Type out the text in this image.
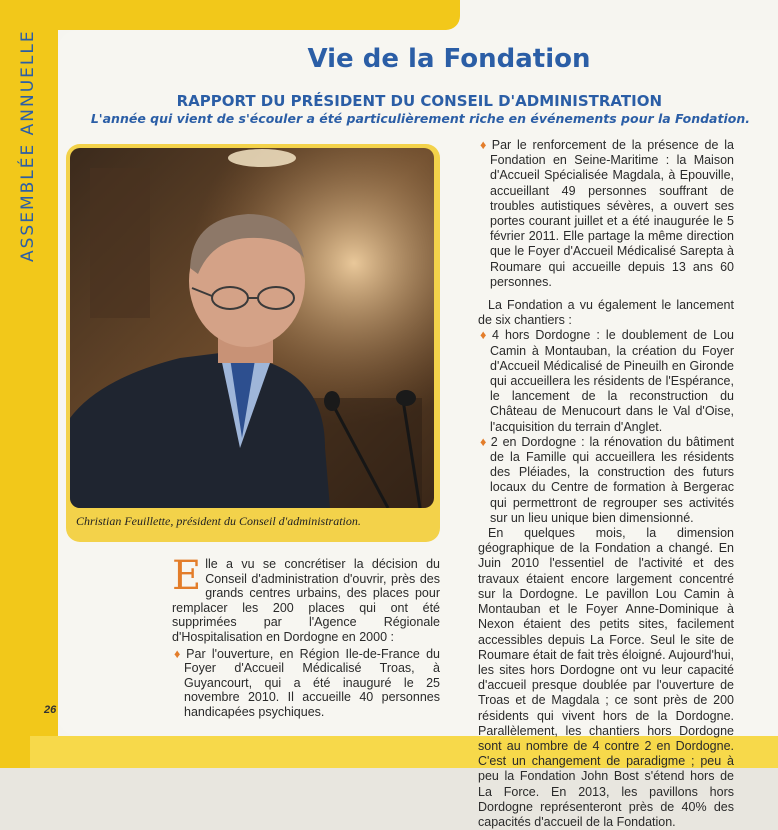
ASSEMBLÉE ANNUELLE	Vie de la Fondation
RAPPORT DU PRÉSIDENT DU CONSEIL D'ADMINISTRATION
L'année qui vient de s'écouler a été particulièrement riche en événements pour la Fondation.
Christian Feuillette, président du Conseil d'administration.

E lle a vu se concrétiser la décision du Conseil d'administration d'ouvrir, près des grands centres urbains, des places pour remplacer les 200 places qui ont été supprimées par l'Agence Régionale d'Hospitalisation en Dordogne en 2000 :

♦ Par l'ouverture, en Région Ile-de-France du Foyer d'Accueil Médicalisé Troas, à Guyancourt, qui a été inauguré le 25 novembre 2010. Il accueille 40 personnes handicapées psychiques.

♦ Par le renforcement de la présence de la Fondation en Seine-Maritime : la Maison d'Accueil Spécialisée Magdala, à Epouville, accueillant 49 personnes souffrant de troubles autistiques sévères, a ouvert ses portes courant juillet et a été inaugurée le 5 février 2011. Elle partage la même direction que le Foyer d'Accueil Médicalisé Sarepta à Roumare qui accueille depuis 13 ans 60 personnes.

La Fondation a vu également le lancement de six chantiers :

♦ 4 hors Dordogne : le doublement de Lou Camin à Montauban, la création du Foyer d'Accueil Médicalisé de Pineuilh en Gironde qui accueillera les résidents de l'Espérance, le lancement de la reconstruction du Château de Menucourt dans le Val d'Oise, l'acquisition du terrain d'Anglet.

♦ 2 en Dordogne : la rénovation du bâtiment de la Famille qui accueillera les résidents des Pléiades, la construction des futurs locaux du Centre de formation à Bergerac qui permettront de regrouper ses activités sur un lieu unique bien dimensionné.

En quelques mois, la dimension géographique de la Fondation a changé. En Juin 2010 l'essentiel de l'activité et des travaux étaient encore largement concentré sur la Dordogne. Le pavillon Lou Camin à Montauban et le Foyer Anne-Dominique à Nexon étaient des petits sites, facilement accessibles depuis La Force. Seul le site de Roumare était de fait très éloigné. Aujourd'hui, les sites hors Dordogne ont vu leur capacité d'accueil presque doublée par l'ouverture de Troas et de Magdala ; ce sont près de 200 résidents qui vivent hors de la Dordogne. Parallèlement, les chantiers hors Dordogne sont au nombre de 4 contre 2 en Dordogne. C'est un changement de paradigme ; peu à peu la Fondation John Bost s'étend hors de La Force. En 2013, les pavillons hors Dordogne représenteront près de 40% des capacités d'accueil de la Fondation.

26
